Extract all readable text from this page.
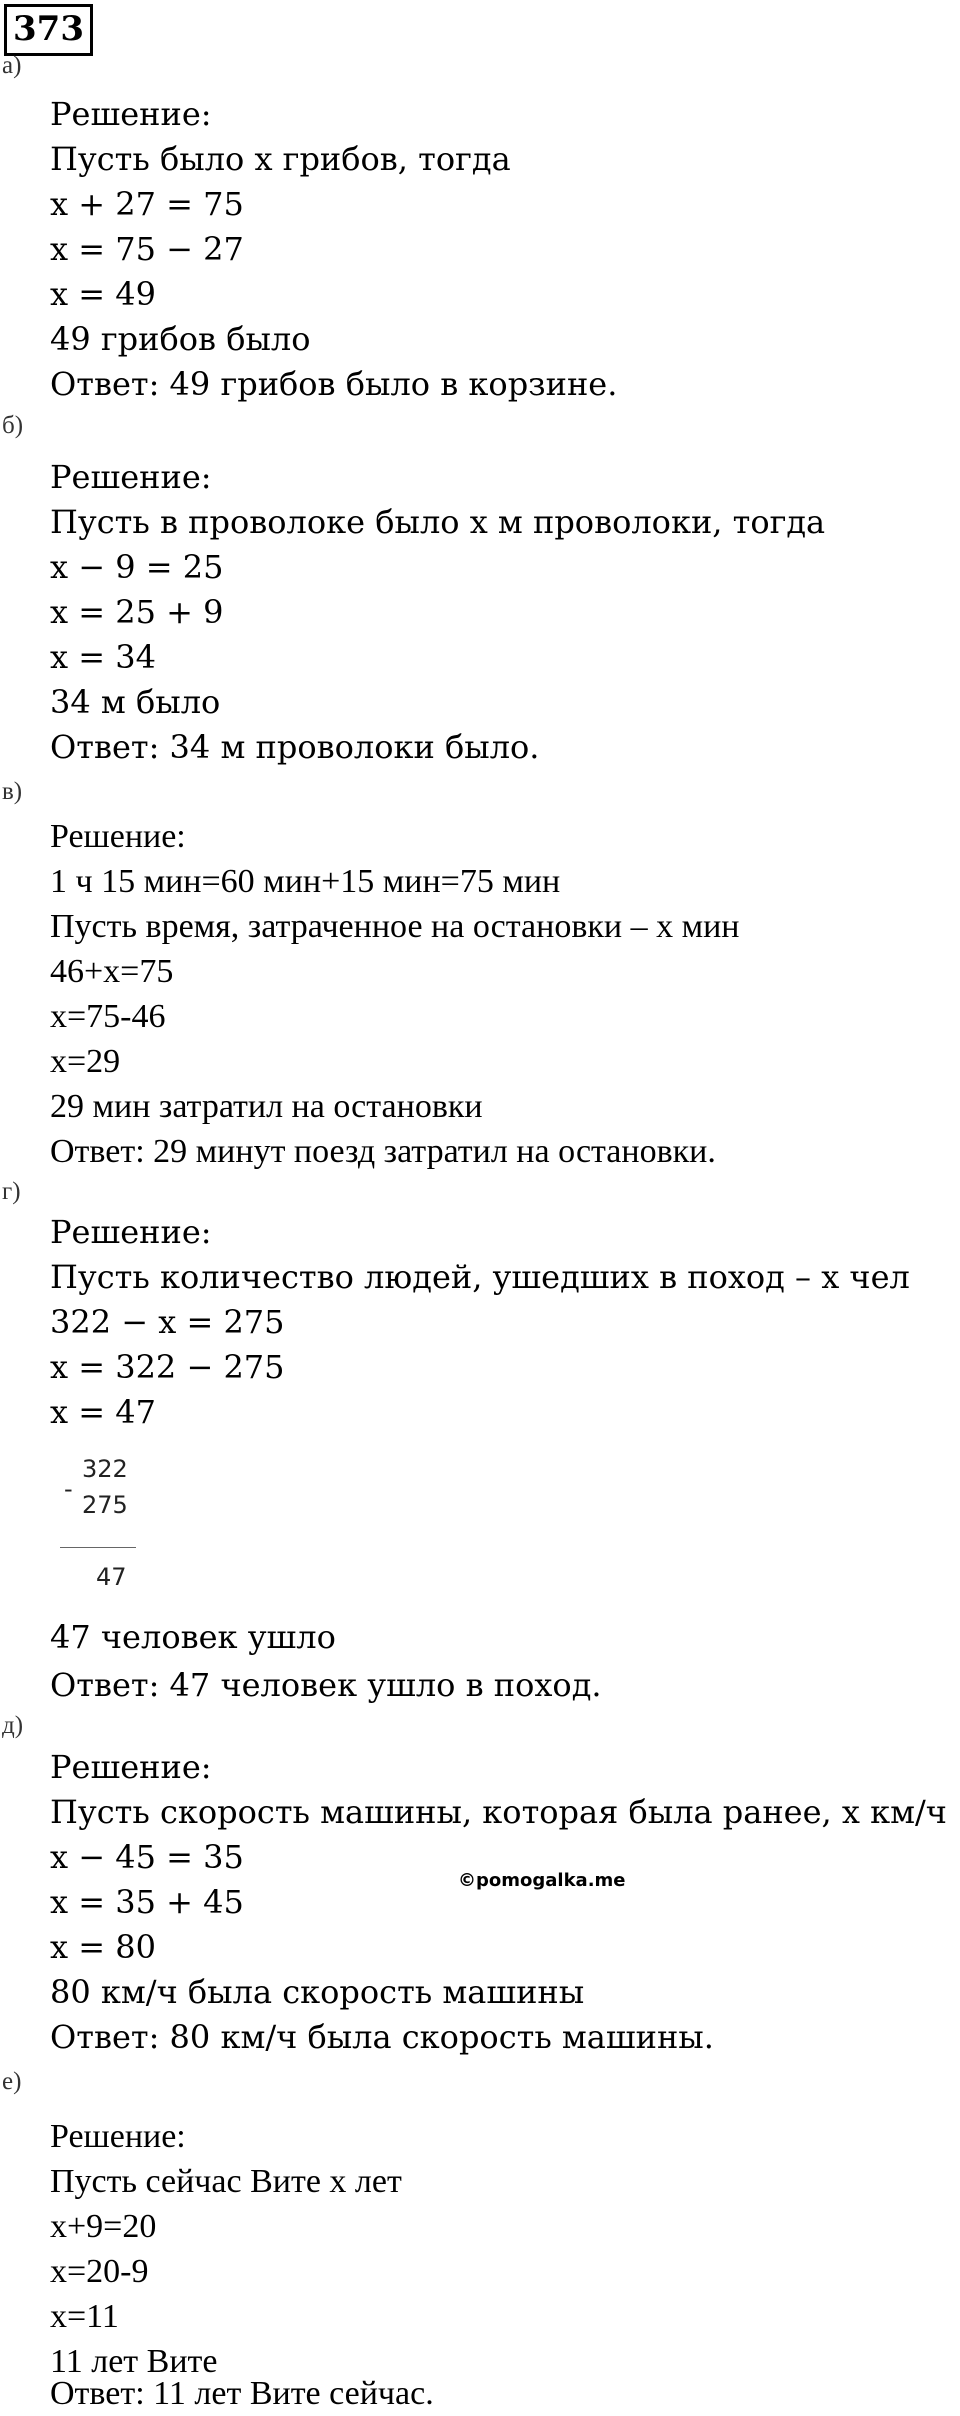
373
а)
Решение:
Пусть было x грибов, тогда
x + 27 = 75
x = 75 − 27
x = 49
49 грибов было
Ответ: 49 грибов было в корзине.
б)
Решение:
Пусть в проволоке было x м проволоки, тогда
x − 9 = 25
x = 25 + 9
x = 34
34 м было
Ответ: 34 м проволоки было.
в)
Решение:
1 ч 15 мин=60 мин+15 мин=75 мин
Пусть время, затраченное на остановки – x мин
46+x=75
x=75-46
x=29
29 мин затратил на остановки
Ответ: 29 минут поезд затратил на остановки.
г)
Решение:
Пусть количество людей, ушедших в поход – x чел
322 − x = 275
x = 322 − 275
x = 47
-
322
275
47
47 человек ушло
Ответ: 47 человек ушло в поход.
д)
Решение:
Пусть скорость машины, которая была ранее, x км/ч
x − 45 = 35
x = 35 + 45
x = 80
80 км/ч была скорость машины
Ответ: 80 км/ч была скорость машины.
©pomogalka.me
е)
Решение:
Пусть сейчас Вите x лет
x+9=20
x=20-9
x=11
11 лет Вите
Ответ: 11 лет Вите сейчас.
